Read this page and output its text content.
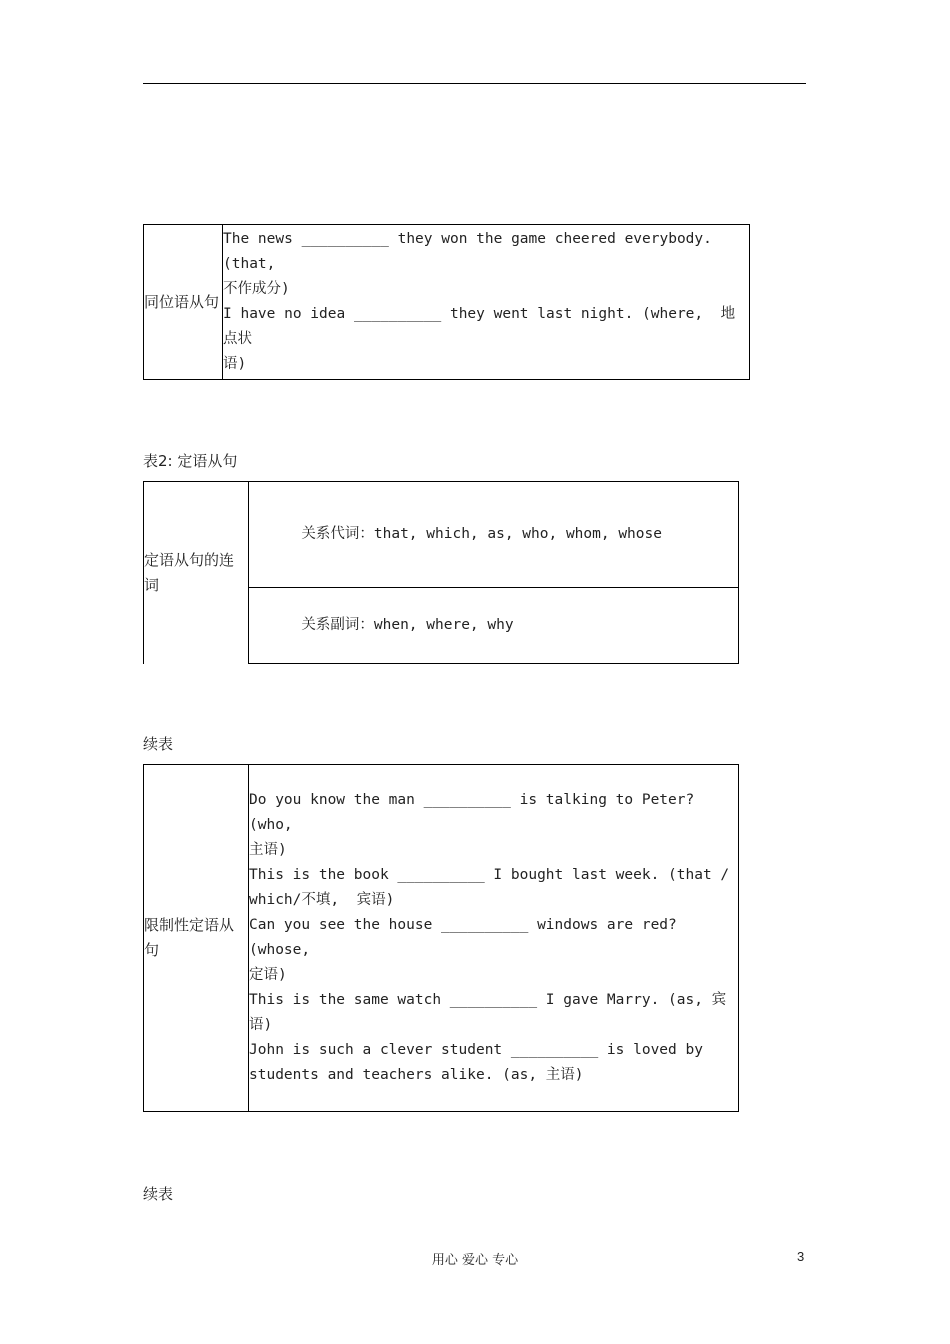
同位语从句

The news __________ they won the game cheered everybody. (that,
不作成分)
I have no idea __________ they went last night. (where,  地点状
语)
表2: 定语从句
定语从句的连词

关系代词：that, which, as, who, whom, whose

关系副词：when, where, why

续表
限制性定语从句

Do you know the man __________ is talking to Peter? (who,
主语)
This is the book __________ I bought last week. (that /
which/不填,  宾语)
Can you see the house __________ windows are red? (whose,
定语)
This is the same watch __________ I gave Marry. (as, 宾语)
John is such a clever student __________ is loved by
students and teachers alike. (as, 主语)
续表
用心 爱心 专心	3
